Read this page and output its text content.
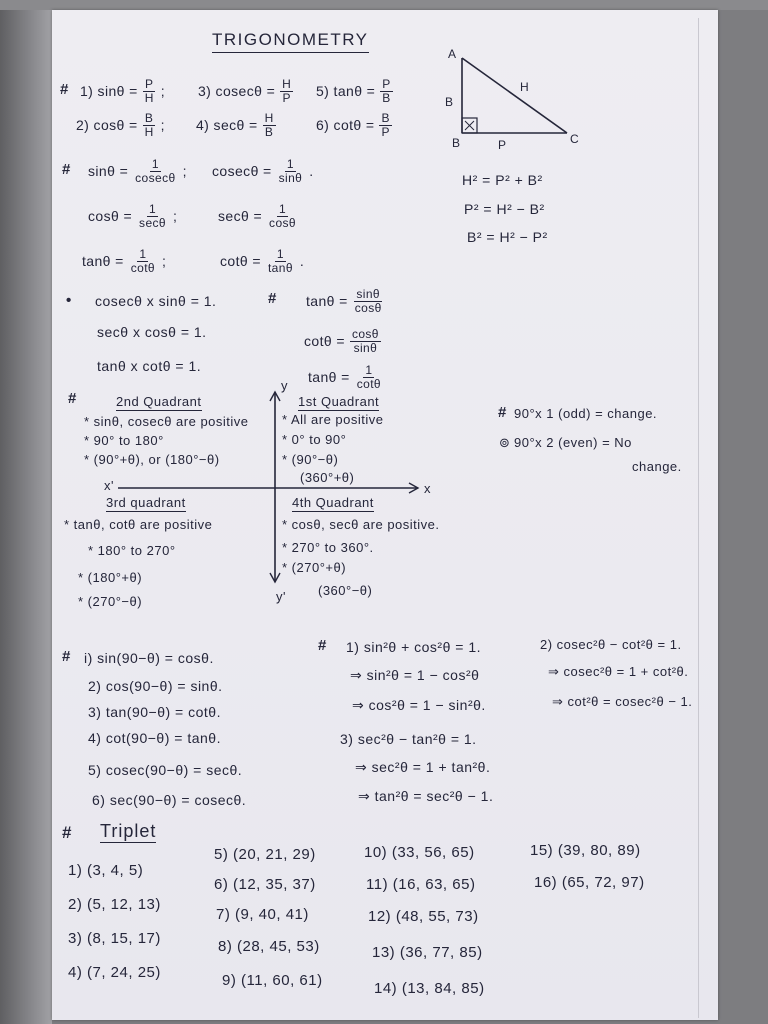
TRIGONOMETRY
# 1) $\sin\theta = \frac{P}{H}$ ; 3) $cosec\theta = \frac{H}{P} 5$) $\tan\theta = \frac{P}{B}$
2) $\cos\theta = \frac{B}{H}$ ; 4) $\sec\theta = \frac{H}{B}$	6) $\cot\theta = \frac{B}{P}$
A
B	C
B
H
P
H² = P² + B²
P² = H² − B²
B² = H² − P²
# $\sin\theta = \frac{1}{cosec\theta}$ ; $cosec\theta = \frac{1}{\sin\theta}$ .
$\cos\theta = \frac{1}{\sec\theta}$ ;	$\sec\theta = \frac{1}{\cos\theta}$
$\tan\theta = \frac{1}{\cot\theta}$ ;	$\cot\theta = \frac{1}{\tan\theta}$ .
• cosecθ x sinθ = 1.
secθ x cosθ = 1.
tanθ x cotθ = 1.
# $\tan\theta = \frac{\sin\theta}{\cos\theta}$
$\cot\theta = \frac{\cos\theta}{\sin\theta}$
$\tan\theta = \frac{1}{\cot\theta}$
y
x'	x
y'
#	2nd Quadrant
* sinθ, cosecθ are positive
* 90° to 180°
* (90°+θ), or (180°−θ)
1st Quadrant
* All are positive
* 0° to 90°
* (90°−θ)
(360°+θ)
3rd quadrant
* tanθ, cotθ are positive
* 180° to 270°
* (180°+θ)
* (270°−θ)
4th Quadrant
* cosθ, secθ are positive.
* 270° to 360°.
* (270°+θ)
(360°−θ)
# 90°x 1 (odd) = change.
⊚ 90°x 2 (even) = No
change.
# i) sin(90−θ) = cosθ.
2) cos(90−θ) = sinθ.
3) tan(90−θ) = cotθ.
4) cot(90−θ) = tanθ.
5) cosec(90−θ) = secθ.
6) sec(90−θ) = cosecθ.
# 1) sin²θ + cos²θ = 1.
⇒ sin²θ = 1 − cos²θ
⇒ cos²θ = 1 − sin²θ.
2) cosec²θ − cot²θ = 1.
⇒ cosec²θ = 1 + cot²θ.
⇒ cot²θ = cosec²θ − 1.
3) sec²θ − tan²θ = 1.
⇒ sec²θ = 1 + tan²θ.
⇒ tan²θ = sec²θ − 1.
# Triplet
1) (3, 4, 5)
2) (5, 12, 13)
3) (8, 15, 17)
4) (7, 24, 25)
5) (20, 21, 29)
6) (12, 35, 37)
7) (9, 40, 41)
8) (28, 45, 53)
9) (11, 60, 61)
10) (33, 56, 65)
11) (16, 63, 65)
12) (48, 55, 73)
13) (36, 77, 85)
14) (13, 84, 85)
15) (39, 80, 89)
16) (65, 72, 97)
